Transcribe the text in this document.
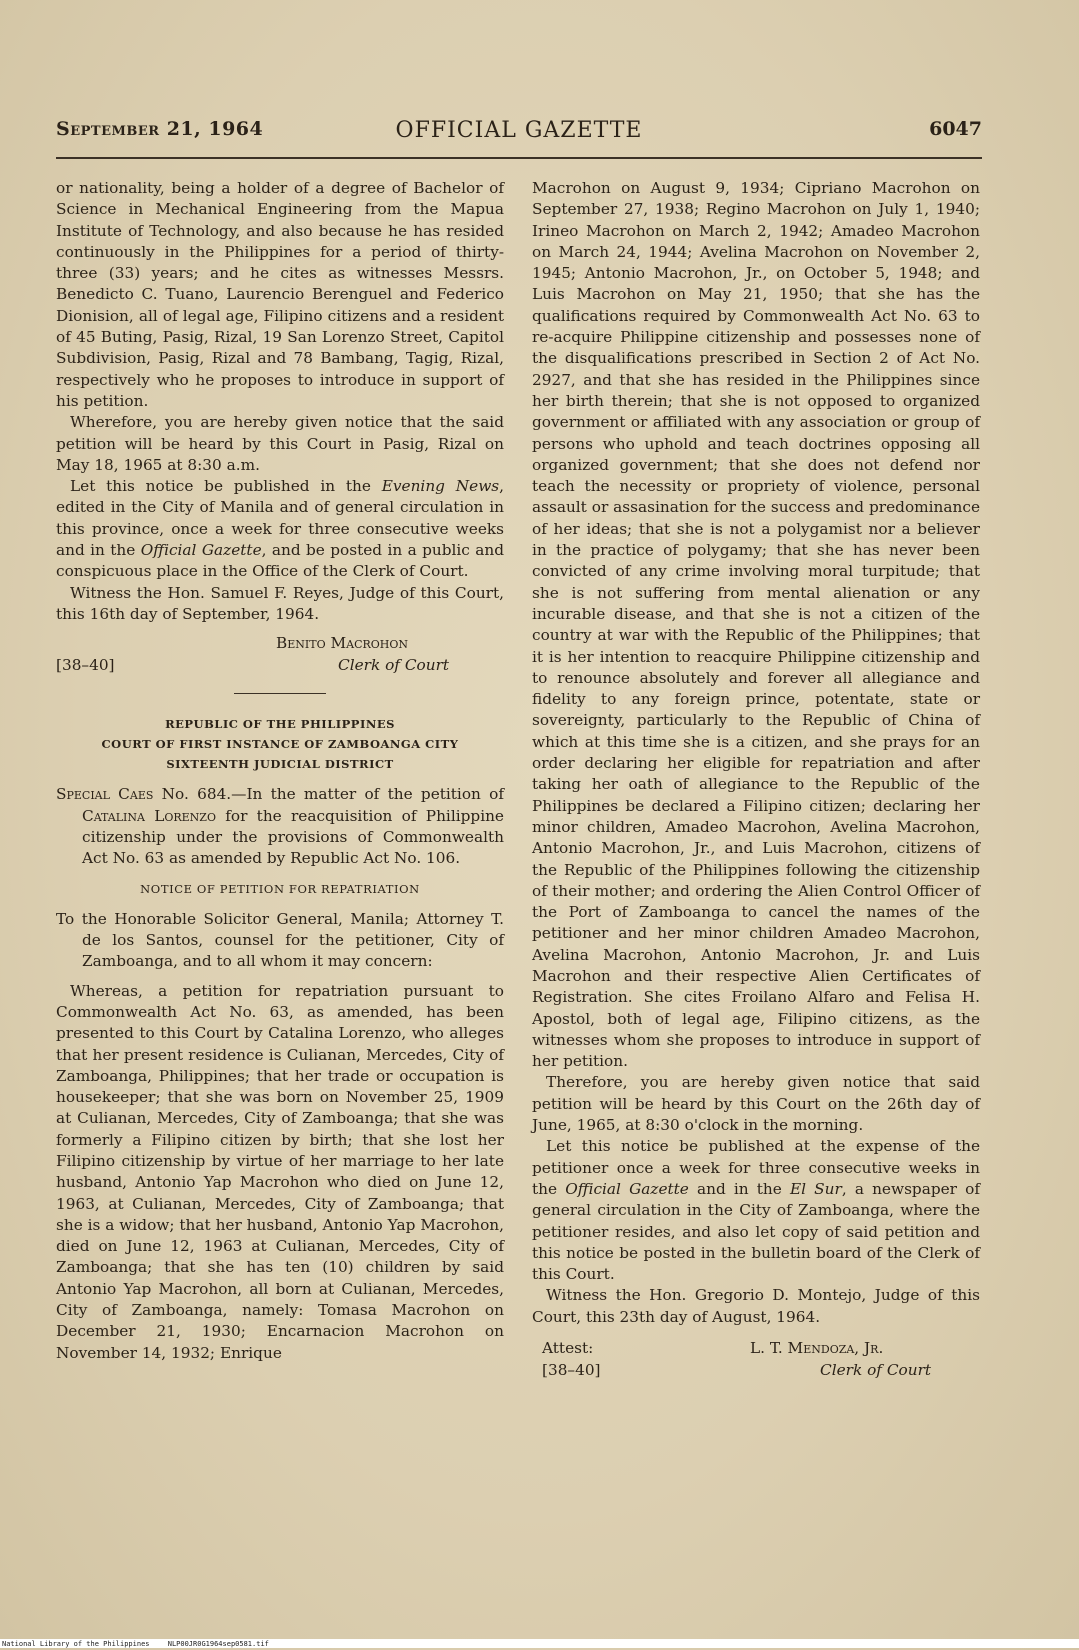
September 21, 1964	OFFICIAL GAZETTE	6047

or nationality, being a holder of a degree of Bachelor of Science in Mechanical Engineering from the Mapua Institute of Technology, and also because he has resided continuously in the Philippines for a period of thirty-three (33) years; and he cites as witnesses Messrs. Benedicto C. Tuano, Laurencio Berenguel and Federico Dionision, all of legal age, Filipino citizens and a resident of 45 Buting, Pasig, Rizal, 19 San Lorenzo Street, Capitol Subdivision, Pasig, Rizal and 78 Bambang, Tagig, Rizal, respectively who he proposes to introduce in support of his petition.

Wherefore, you are hereby given notice that the said petition will be heard by this Court in Pasig, Rizal on May 18, 1965 at 8:30 a.m.

Let this notice be published in the Evening News, edited in the City of Manila and of general circulation in this province, once a week for three consecutive weeks and in the Official Gazette, and be posted in a public and conspicuous place in the Office of the Clerk of Court.

Witness the Hon. Samuel F. Reyes, Judge of this Court, this 16th day of September, 1964.

Benito Macrohon
[38–40]	Clerk of Court
REPUBLIC OF THE PHILIPPINES
COURT OF FIRST INSTANCE OF ZAMBOANGA CITY
SIXTEENTH JUDICIAL DISTRICT

Special Caes No. 684.—In the matter of the petition of Catalina Lorenzo for the reacquisition of Philippine citizenship under the provisions of Commonwealth Act No. 63 as amended by Republic Act No. 106.

NOTICE OF PETITION FOR REPATRIATION

To the Honorable Solicitor General, Manila; Attorney T. de los Santos, counsel for the petitioner, City of Zamboanga, and to all whom it may concern:

Whereas, a petition for repatriation pursuant to Commonwealth Act No. 63, as amended, has been presented to this Court by Catalina Lorenzo, who alleges that her present residence is Culianan, Mercedes, City of Zamboanga, Philippines; that her trade or occupation is housekeeper; that she was born on November 25, 1909 at Culianan, Mercedes, City of Zamboanga; that she was formerly a Filipino citizen by birth; that she lost her Filipino citizenship by virtue of her marriage to her late husband, Antonio Yap Macrohon who died on June 12, 1963, at Culianan, Mercedes, City of Zamboanga; that she is a widow; that her husband, Antonio Yap Macrohon, died on June 12, 1963 at Culianan, Mercedes, City of Zamboanga; that she has ten (10) children by said Antonio Yap Macrohon, all born at Culianan, Mercedes, City of Zamboanga, namely: Tomasa Macrohon on December 21, 1930; Encarnacion Macrohon on November 14, 1932; Enrique

Macrohon on August 9, 1934; Cipriano Macrohon on September 27, 1938; Regino Macrohon on July 1, 1940; Irineo Macrohon on March 2, 1942; Amadeo Macrohon on March 24, 1944; Avelina Macrohon on November 2, 1945; Antonio Macrohon, Jr., on October 5, 1948; and Luis Macrohon on May 21, 1950; that she has the qualifications required by Commonwealth Act No. 63 to re-acquire Philippine citizenship and possesses none of the disqualifications prescribed in Section 2 of Act No. 2927, and that she has resided in the Philippines since her birth therein; that she is not opposed to organized government or affiliated with any association or group of persons who uphold and teach doctrines opposing all organized government; that she does not defend nor teach the necessity or propriety of violence, personal assault or assasination for the success and predominance of her ideas; that she is not a polygamist nor a believer in the practice of polygamy; that she has never been convicted of any crime involving moral turpitude; that she is not suffering from mental alienation or any incurable disease, and that she is not a citizen of the country at war with the Republic of the Philippines; that it is her intention to reacquire Philippine citizenship and to renounce absolutely and forever all allegiance and fidelity to any foreign prince, potentate, state or sovereignty, particularly to the Republic of China of which at this time she is a citizen, and she prays for an order declaring her eligible for repatriation and after taking her oath of allegiance to the Republic of the Philippines be declared a Filipino citizen; declaring her minor children, Amadeo Macrohon, Avelina Macrohon, Antonio Macrohon, Jr., and Luis Macrohon, citizens of the Republic of the Philippines following the citizenship of their mother; and ordering the Alien Control Officer of the Port of Zamboanga to cancel the names of the petitioner and her minor children Amadeo Macrohon, Avelina Macrohon, Antonio Macrohon, Jr. and Luis Macrohon and their respective Alien Certificates of Registration. She cites Froilano Alfaro and Felisa H. Apostol, both of legal age, Filipino citizens, as the witnesses whom she proposes to introduce in support of her petition.

Therefore, you are hereby given notice that said petition will be heard by this Court on the 26th day of June, 1965, at 8:30 o'clock in the morning.

Let this notice be published at the expense of the petitioner once a week for three consecutive weeks in the Official Gazette and in the El Sur, a newspaper of general circulation in the City of Zamboanga, where the petitioner resides, and also let copy of said petition and this notice be posted in the bulletin board of the Clerk of this Court.

Witness the Hon. Gregorio D. Montejo, Judge of this Court, this 23th day of August, 1964.

Attest:
[38–40]
L. T. Mendoza, Jr.
Clerk of Court
National Library of the Philippines	NLP00JR0G1964sep0581.tif
